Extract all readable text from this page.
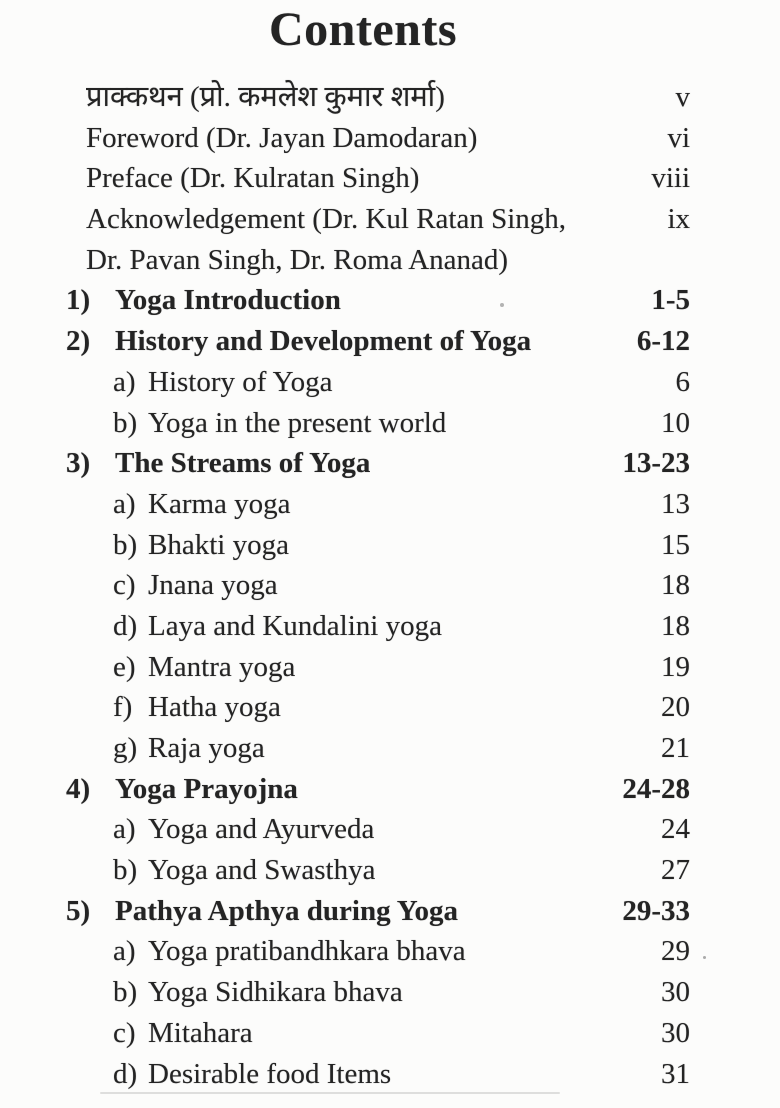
Contents
प्राक्कथन (प्रो. कमलेश कुमार शर्मा)	v
Foreword (Dr. Jayan Damodaran)	vi
Preface (Dr. Kulratan Singh)	viii
Acknowledgement (Dr. Kul Ratan Singh,	ix
Dr. Pavan Singh, Dr. Roma Ananad)
1) Yoga Introduction	1-5
2) History and Development of Yoga	6-12
a) History of Yoga	6
b) Yoga in the present world	10
3) The Streams of Yoga	13-23
a) Karma yoga	13
b) Bhakti yoga	15
c) Jnana yoga	18
d) Laya and Kundalini yoga	18
e) Mantra yoga	19
f) Hatha yoga	20
g) Raja yoga	21
4) Yoga Prayojna	24-28
a) Yoga and Ayurveda	24
b) Yoga and Swasthya	27
5) Pathya Apthya during Yoga	29-33
a) Yoga pratibandhkara bhava	29
b) Yoga Sidhikara bhava	30
c) Mitahara	30
d) Desirable food Items	31
